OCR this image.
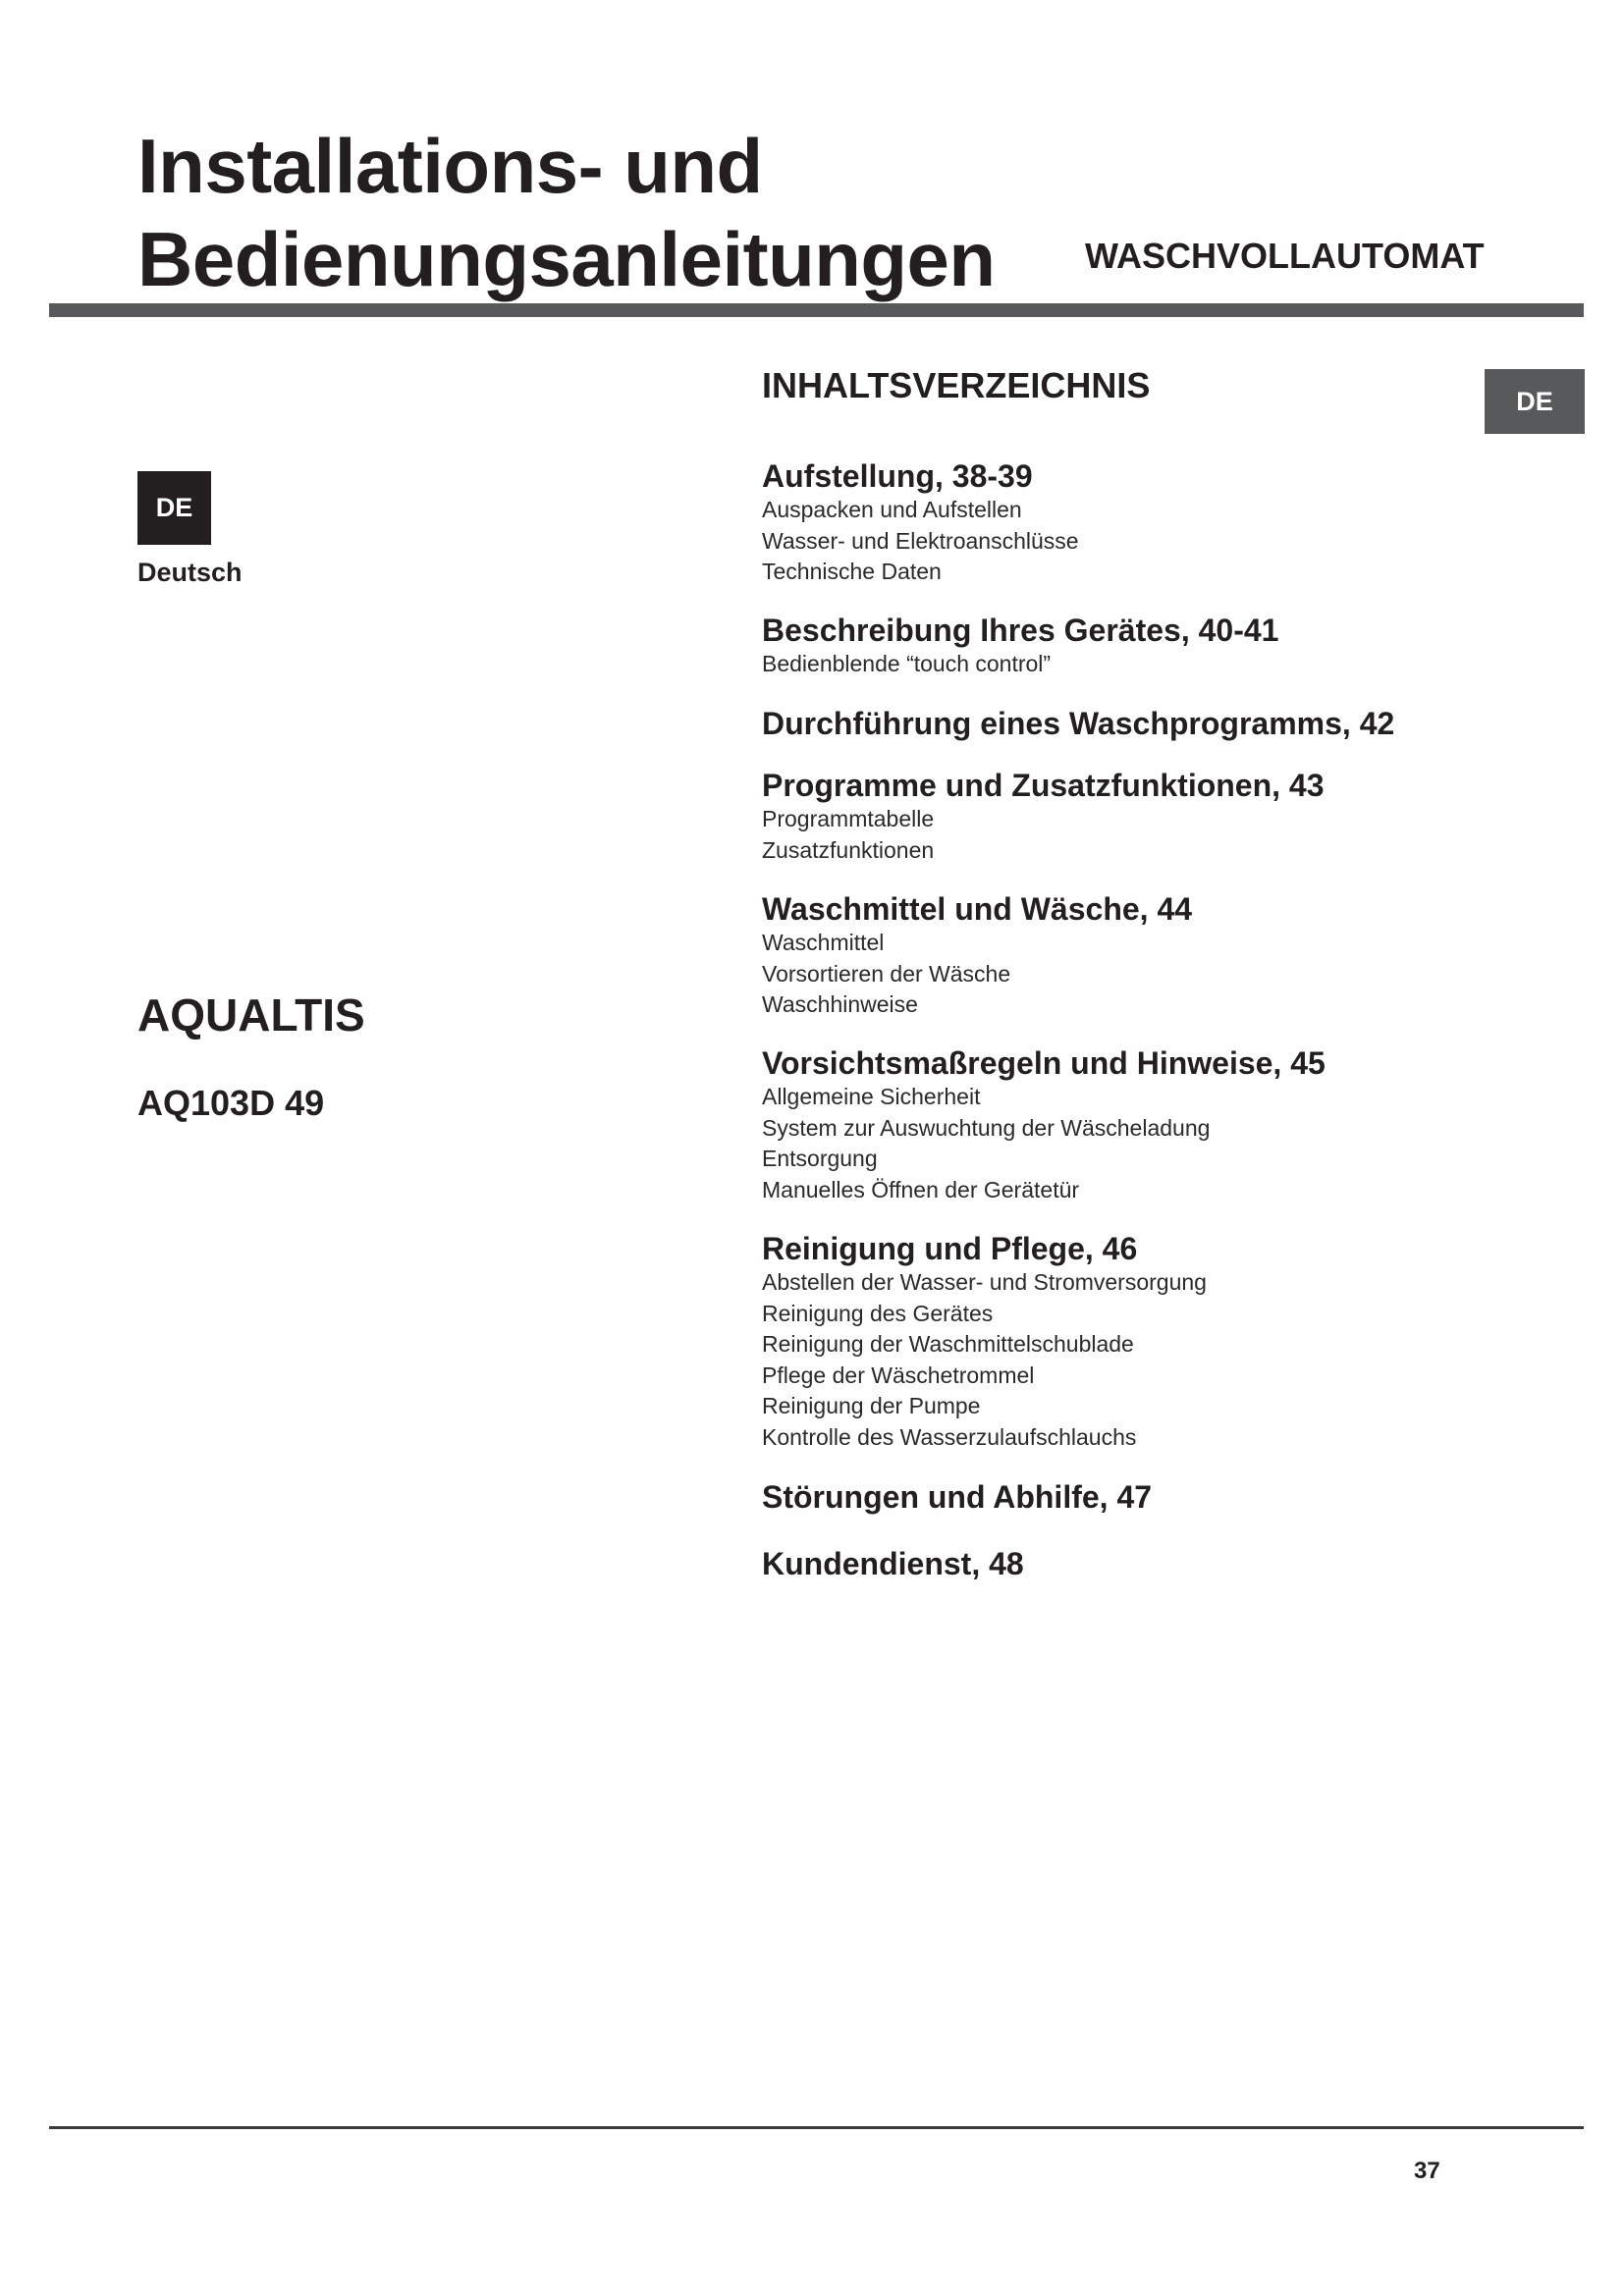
Installations- und
Bedienungsanleitungen	WASCHVOLLAUTOMAT
DE
Deutsch
AQUALTIS
AQ103D 49
INHALTSVERZEICHNIS	DE
Aufstellung, 38-39
Auspacken und Aufstellen
Wasser- und Elektroanschlüsse
Technische Daten
Beschreibung Ihres Gerätes, 40-41
Bedienblende “touch control”
Durchführung eines Waschprogramms, 42
Programme und Zusatzfunktionen, 43
Programmtabelle
Zusatzfunktionen
Waschmittel und Wäsche, 44
Waschmittel
Vorsortieren der Wäsche
Waschhinweise
Vorsichtsmaßregeln und Hinweise, 45
Allgemeine Sicherheit
System zur Auswuchtung der Wäscheladung
Entsorgung
Manuelles Öffnen der Gerätetür
Reinigung und Pflege, 46
Abstellen der Wasser- und Stromversorgung
Reinigung des Gerätes
Reinigung der Waschmittelschublade
Pflege der Wäschetrommel
Reinigung der Pumpe
Kontrolle des Wasserzulaufschlauchs
Störungen und Abhilfe, 47
Kundendienst, 48
37
